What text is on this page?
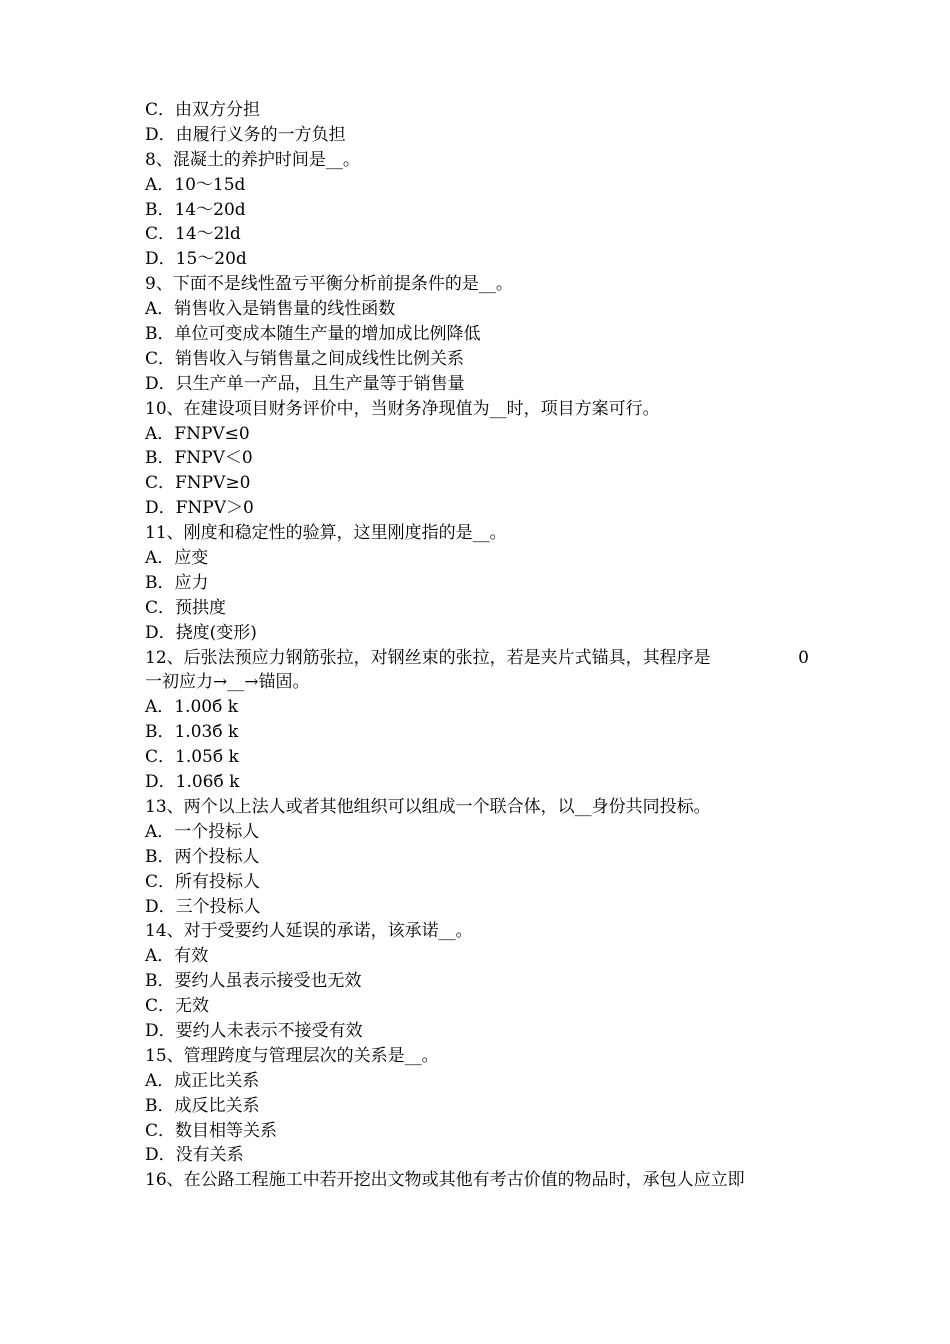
C．由双方分担
D．由履行义务的一方负担
8、混凝土的养护时间是__。
A．10～15d
B．14～20d
C．14～2ld
D．15～20d
9、下面不是线性盈亏平衡分析前提条件的是__。
A．销售收入是销售量的线性函数
B．单位可变成本随生产量的增加成比例降低
C．销售收入与销售量之间成线性比例关系
D．只生产单一产品，且生产量等于销售量
10、在建设项目财务评价中，当财务净现值为__时，项目方案可行。
A．FNPV≤0
B．FNPV＜0
C．FNPV≥0
D．FNPV＞0
11、刚度和稳定性的验算，这里刚度指的是__。
A．应变
B．应力
C．预拱度
D．挠度(变形)
12、后张法预应力钢筋张拉，对钢丝束的张拉，若是夹片式锚具，其程序是	0
一初应力→__→锚固。
A．1.00б k
B．1.03б k
C．1.05б k
D．1.06б k
13、两个以上法人或者其他组织可以组成一个联合体，以__身份共同投标。
A．一个投标人
B．两个投标人
C．所有投标人
D．三个投标人
14、对于受要约人延误的承诺，该承诺__。
A．有效
B．要约人虽表示接受也无效
C．无效
D．要约人未表示不接受有效
15、管理跨度与管理层次的关系是__。
A．成正比关系
B．成反比关系
C．数目相等关系
D．没有关系
16、在公路工程施工中若开挖出文物或其他有考古价值的物品时，承包人应立即
